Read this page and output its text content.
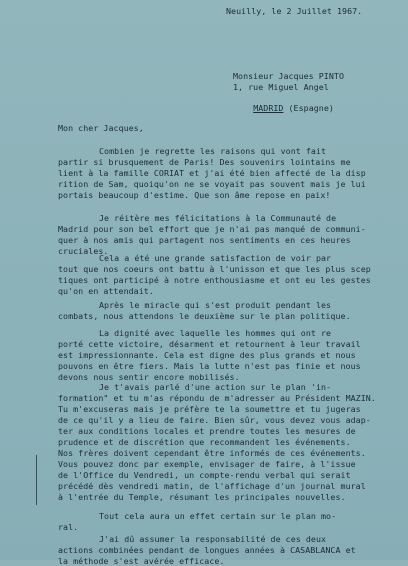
Neuilly, le 2 Juillet 1967.
Monsieur Jacques PINTO
1, rue Miguel Angel

MADRID (Espagne)

Mon cher Jacques,
Combien je regrette les raisons qui vont fait
partir si brusquement de Paris! Des souvenirs lointains me
lient à la famille CORIAT et j'ai été bien affecté de la disp
rition de Sam, quoiqu'on ne se voyait pas souvent mais je lui
portais beaucoup d'estime. Que son âme repose en paix!
Je réitère mes félicitations à la Communauté de
Madrid pour son bel effort que je n'ai pas manqué de communi-
quer à nos amis qui partagent nos sentiments en ces heures
cruciales.
Cela a été une grande satisfaction de voir par
tout que nos coeurs ont battu à l'unisson et que les plus scep
tiques ont participé à notre enthousiasme et ont eu les gestes
qu'on en attendait.
Après le miracle qui s'est produit pendant les
combats, nous attendons le deuxième sur le plan politique.
La dignité avec laquelle les hommes qui ont re
porté cette victoire, désarment et retournent à leur travail
est impressionnante. Cela est digne des plus grands et nous
pouvons en être fiers. Mais la lutte n'est pas finie et nous
devons nous sentir encore mobilisés.
Je t'avais parlé d'une action sur le plan 'in-
formation" et tu m'as répondu de m'adresser au Président MAZIN.
Tu m'excuseras mais je préfère te la soumettre et tu jugeras
de ce qu'il y a lieu de faire. Bien sûr, vous devez vous adap-
ter aux conditions locales et prendre toutes les mesures de
prudence et de discrétion que recommandent les événements.
Nos frères doivent cependant être informés de ces événements.
Vous pouvez donc par exemple, envisager de faire, à l'issue
de l'Office du Vendredi, un compte-rendu verbal qui serait
précédé dès vendredi matin, de l'affichage d'un journal mural
à l'entrée du Temple, résumant les principales nouvelles.
Tout cela aura un effet certain sur le plan mo-
ral.
J'ai dû assumer la responsabilité de ces deux
actions combinées pendant de longues années à CASABLANCA et
la méthode s'est avérée efficace.
